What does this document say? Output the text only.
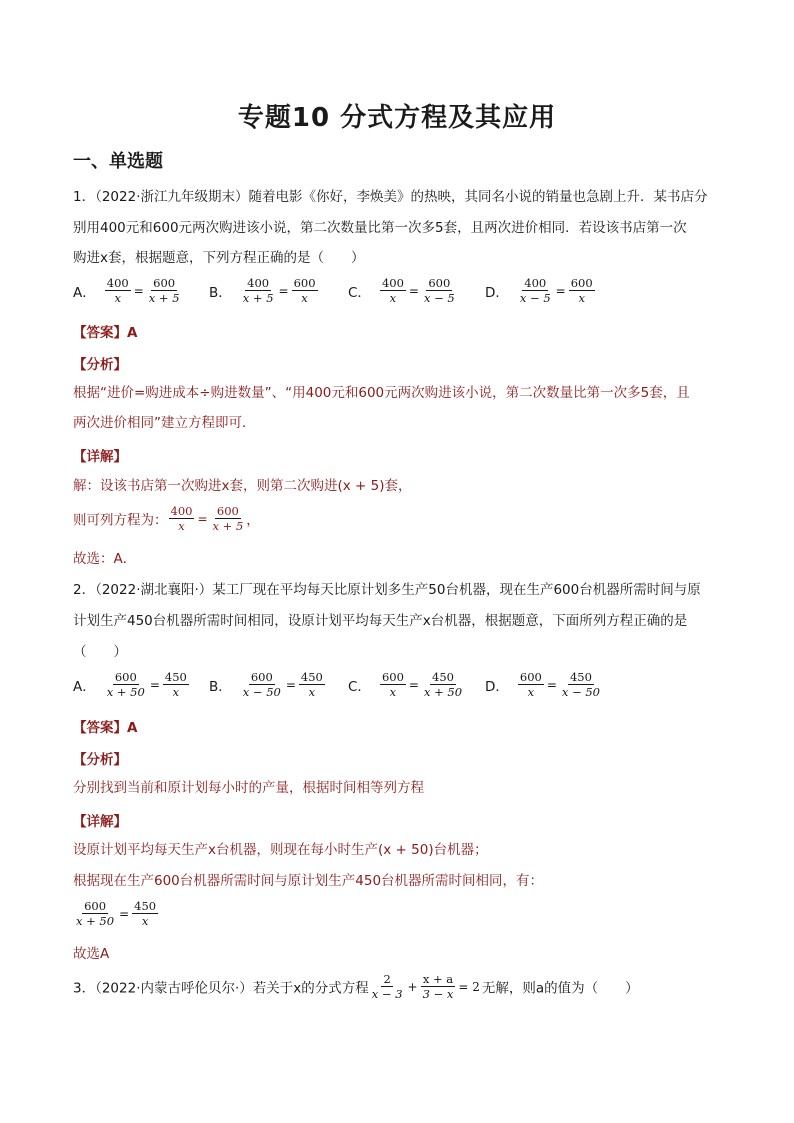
专题10 分式方程及其应用
一、单选题
1．（2022·浙江九年级期末）随着电影《你好，李焕美》的热映，其同名小说的销量也急剧上升．某书店分
别用400元和600元两次购进该小说，第二次数量比第一次多5套，且两次进价相同．若设该书店第一次
购进x套，根据题意，下列方程正确的是（　　）
A． $\frac{400}{x} = \frac{600}{x + 5}$ B． $\frac{400}{x + 5} = \frac{600}{x}$ C． $\frac{400}{x} = \frac{600}{x - 5}$ D． $\frac{400}{x - 5} = \frac{600}{x}$
【答案】A
【分析】
根据“进价=购进成本÷购进数量”、“用400元和600元两次购进该小说，第二次数量比第一次多5套，且
两次进价相同”建立方程即可．
【详解】
解：设该书店第一次购进x套，则第二次购进(x + 5)套，
则可列方程为： $\frac{400}{x} = \frac{600}{x + 5}$ ，
故选：A．
2．（2022·湖北襄阳·）某工厂现在平均每天比原计划多生产50台机器，现在生产600台机器所需时间与原
计划生产450台机器所需时间相同，设原计划平均每天生产x台机器，根据题意，下面所列方程正确的是
（　　）
A． $\frac{600}{x + 50} = \frac{450}{x}$ B． $\frac{600}{x - 50} = \frac{450}{x}$ C． $\frac{600}{x} = \frac{450}{x + 50}$ D． $\frac{600}{x} = \frac{450}{x - 50}$
【答案】A
【分析】
分别找到当前和原计划每小时的产量，根据时间相等列方程
【详解】
设原计划平均每天生产x台机器，则现在每小时生产(x + 50)台机器；
根据现在生产600台机器所需时间与原计划生产450台机器所需时间相同，有：
$\frac{600}{x + 50} = \frac{450}{x}$
故选A
3．（2022·内蒙古呼伦贝尔·）若关于x的分式方程 $\frac{2}{x - 3} + \frac{x + a}{3 - x} = 2$ 无解，则a的值为（　　）
